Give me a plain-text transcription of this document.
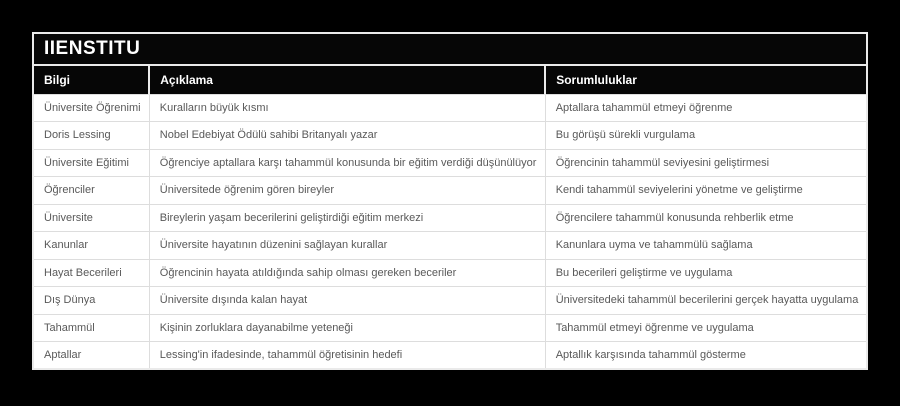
IIENSTITU		
Bilgi	Açıklama	Sorumluluklar
Üniversite Öğrenimi	Kuralların büyük kısmı	Aptallara tahammül etmeyi öğrenme
Doris Lessing	Nobel Edebiyat Ödülü sahibi Britanyalı yazar	Bu görüşü sürekli vurgulama
Üniversite Eğitimi	Öğrenciye aptallara karşı tahammül konusunda bir eğitim verdiği düşünülüyor	Öğrencinin tahammül seviyesini geliştirmesi
Öğrenciler	Üniversitede öğrenim gören bireyler	Kendi tahammül seviyelerini yönetme ve geliştirme
Üniversite	Bireylerin yaşam becerilerini geliştirdiği eğitim merkezi	Öğrencilere tahammül konusunda rehberlik etme
Kanunlar	Üniversite hayatının düzenini sağlayan kurallar	Kanunlara uyma ve tahammülü sağlama
Hayat Becerileri	Öğrencinin hayata atıldığında sahip olması gereken beceriler	Bu becerileri geliştirme ve uygulama
Dış Dünya	Üniversite dışında kalan hayat	Üniversitedeki tahammül becerilerini gerçek hayatta uygulama
Tahammül	Kişinin zorluklara dayanabilme yeteneği	Tahammül etmeyi öğrenme ve uygulama
Aptallar	Lessing'in ifadesinde, tahammül öğretisinin hedefi	Aptallık karşısında tahammül gösterme
